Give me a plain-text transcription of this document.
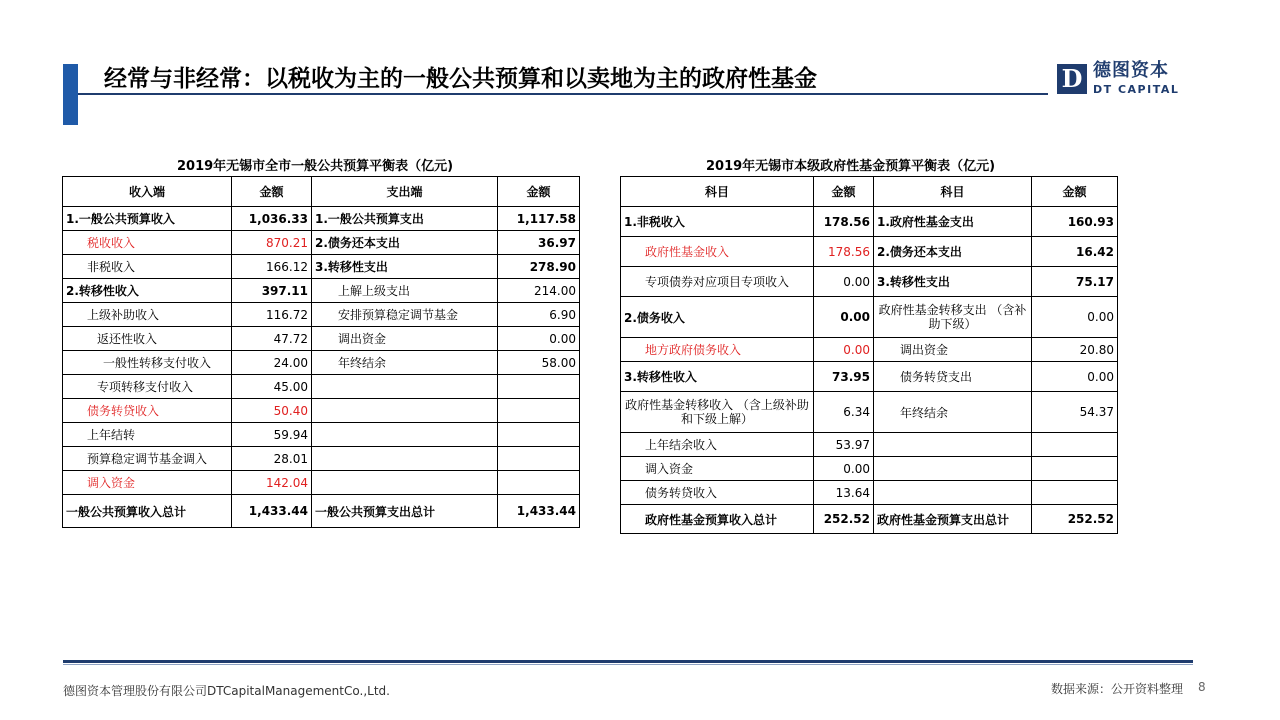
经常与非经常：以税收为主的一般公共预算和以卖地为主的政府性基金	D 德图资本
DT CAPITAL
2019年无锡市全市一般公共预算平衡表（亿元)
收入端	金额	支出端	金额
1.一般公共预算收入	1,036.33	1.一般公共预算支出	1,117.58
税收收入	870.21	2.债务还本支出	36.97
非税收入	166.12	3.转移性支出	278.90
2.转移性收入	397.11	上解上级支出	214.00
上级补助收入	116.72	安排预算稳定调节基金	6.90
返还性收入	47.72	调出资金	0.00
一般性转移支付收入	24.00	年终结余	58.00
专项转移支付收入	45.00		
债务转贷收入	50.40		
上年结转	59.94		
预算稳定调节基金调入	28.01		
调入资金	142.04		
一般公共预算收入总计	1,433.44	一般公共预算支出总计	1,433.44
2019年无锡市本级政府性基金预算平衡表（亿元)
科目	金额	科目	金额
1.非税收入	178.56	1.政府性基金支出	160.93
政府性基金收入	178.56	2.债务还本支出	16.42
专项债券对应项目专项收入	0.00	3.转移性支出	75.17
2.债务收入	0.00	政府性基金转移支出 （含补助下级）	0.00
地方政府债务收入	0.00	调出资金	20.80
3.转移性收入	73.95	债务转贷支出	0.00
政府性基金转移收入 （含上级补助和下级上解）	6.34	年终结余	54.37
上年结余收入	53.97		
调入资金	0.00		
债务转贷收入	13.64		
政府性基金预算收入总计	252.52	政府性基金预算支出总计	252.52
德图资本管理股份有限公司DTCapitalManagementCo.,Ltd.	数据来源：公开资料整理 8
